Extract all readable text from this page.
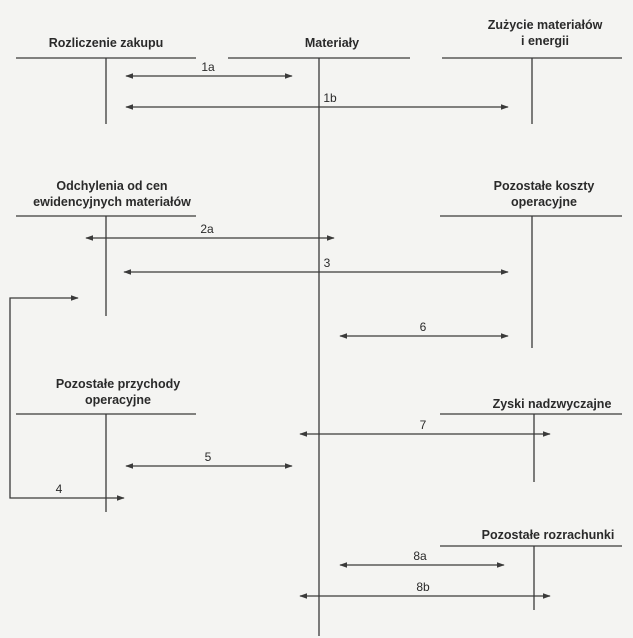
Rozliczenie zakupu	Materiały
Zużycie materiałów
i energii
Odchylenia od cen
ewidencyjnych materiałów
Pozostałe koszty
operacyjne
Pozostałe przychody
operacyjne	Zyski nadzwyczajne
Pozostałe rozrachunki
1a
1b
2a
3
4
5
6
7
8a
8b
